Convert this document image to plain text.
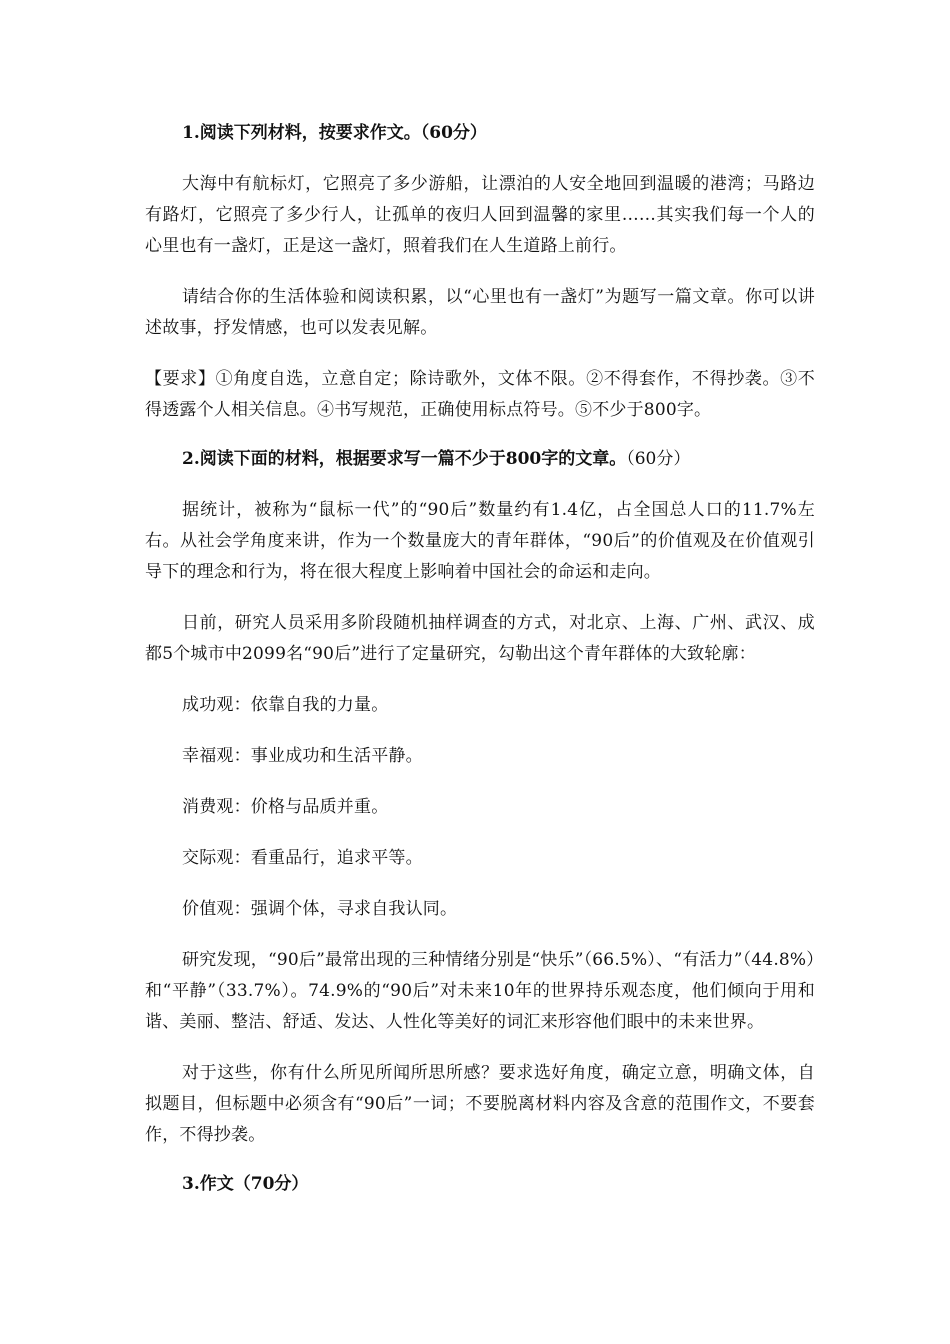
1.阅读下列材料，按要求作文。（60分）

大海中有航标灯，它照亮了多少游船，让漂泊的人安全地回到温暖的港湾；马路边有路灯，它照亮了多少行人，让孤单的夜归人回到温馨的家里……其实我们每一个人的心里也有一盏灯，正是这一盏灯，照着我们在人生道路上前行。

请结合你的生活体验和阅读积累，以“心里也有一盏灯”为题写一篇文章。你可以讲述故事，抒发情感，也可以发表见解。

【要求】①角度自选，立意自定；除诗歌外，文体不限。②不得套作，不得抄袭。③不得透露个人相关信息。④书写规范，正确使用标点符号。⑤不少于800字。

2.阅读下面的材料，根据要求写一篇不少于800字的文章。（60分）

据统计，被称为“鼠标一代”的“90后”数量约有1.4亿，占全国总人口的11.7%左右。从社会学角度来讲，作为一个数量庞大的青年群体，“90后”的价值观及在价值观引导下的理念和行为，将在很大程度上影响着中国社会的命运和走向。

日前，研究人员采用多阶段随机抽样调查的方式，对北京、上海、广州、武汉、成都5个城市中2099名“90后”进行了定量研究，勾勒出这个青年群体的大致轮廓：

成功观：依靠自我的力量。

幸福观：事业成功和生活平静。

消费观：价格与品质并重。

交际观：看重品行，追求平等。

价值观：强调个体，寻求自我认同。

研究发现，“90后”最常出现的三种情绪分别是“快乐”（66.5%）、“有活力”（44.8%）和“平静”（33.7%）。74.9%的“90后”对未来10年的世界持乐观态度，他们倾向于用和谐、美丽、整洁、舒适、发达、人性化等美好的词汇来形容他们眼中的未来世界。

对于这些，你有什么所见所闻所思所感？要求选好角度，确定立意，明确文体，自拟题目，但标题中必须含有“90后”一词；不要脱离材料内容及含意的范围作文，不要套作，不得抄袭。

3.作文（70分）
